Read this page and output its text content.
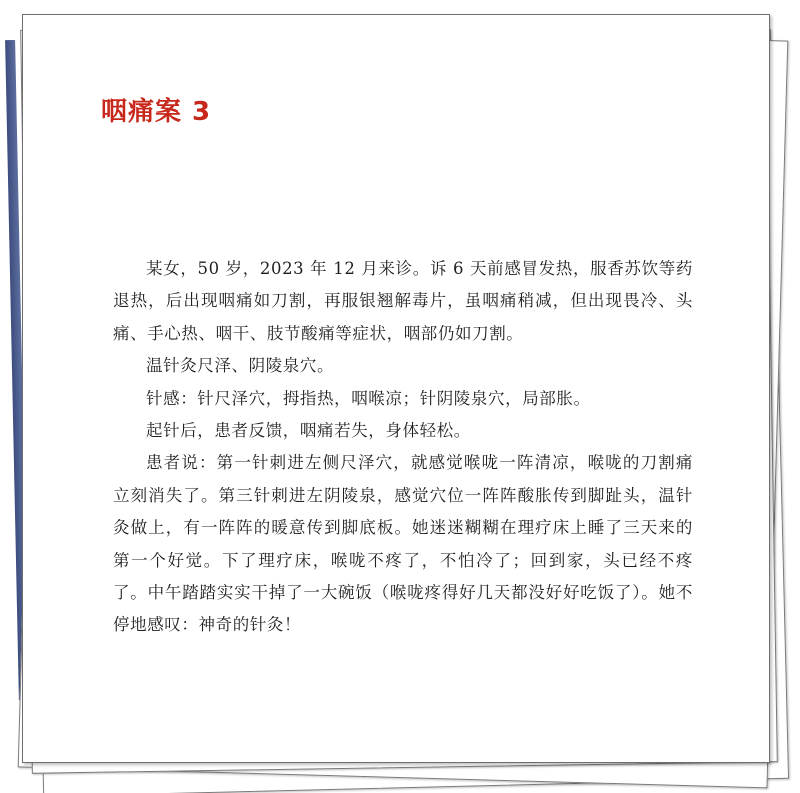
咽痛案 3

某女，50 岁，2023 年 12 月来诊。诉 6 天前感冒发热，服香苏饮等药退热，后出现咽痛如刀割，再服银翘解毒片，虽咽痛稍减，但出现畏冷、头痛、手心热、咽干、肢节酸痛等症状，咽部仍如刀割。

温针灸尺泽、阴陵泉穴。

针感：针尺泽穴，拇指热，咽喉凉；针阴陵泉穴，局部胀。

起针后，患者反馈，咽痛若失，身体轻松。

患者说：第一针刺进左侧尺泽穴，就感觉喉咙一阵清凉，喉咙的刀割痛立刻消失了。第三针刺进左阴陵泉，感觉穴位一阵阵酸胀传到脚趾头，温针灸做上，有一阵阵的暖意传到脚底板。她迷迷糊糊在理疗床上睡了三天来的第一个好觉。下了理疗床，喉咙不疼了，不怕冷了；回到家，头已经不疼了。中午踏踏实实干掉了一大碗饭（喉咙疼得好几天都没好好吃饭了）。她不停地感叹：神奇的针灸！
